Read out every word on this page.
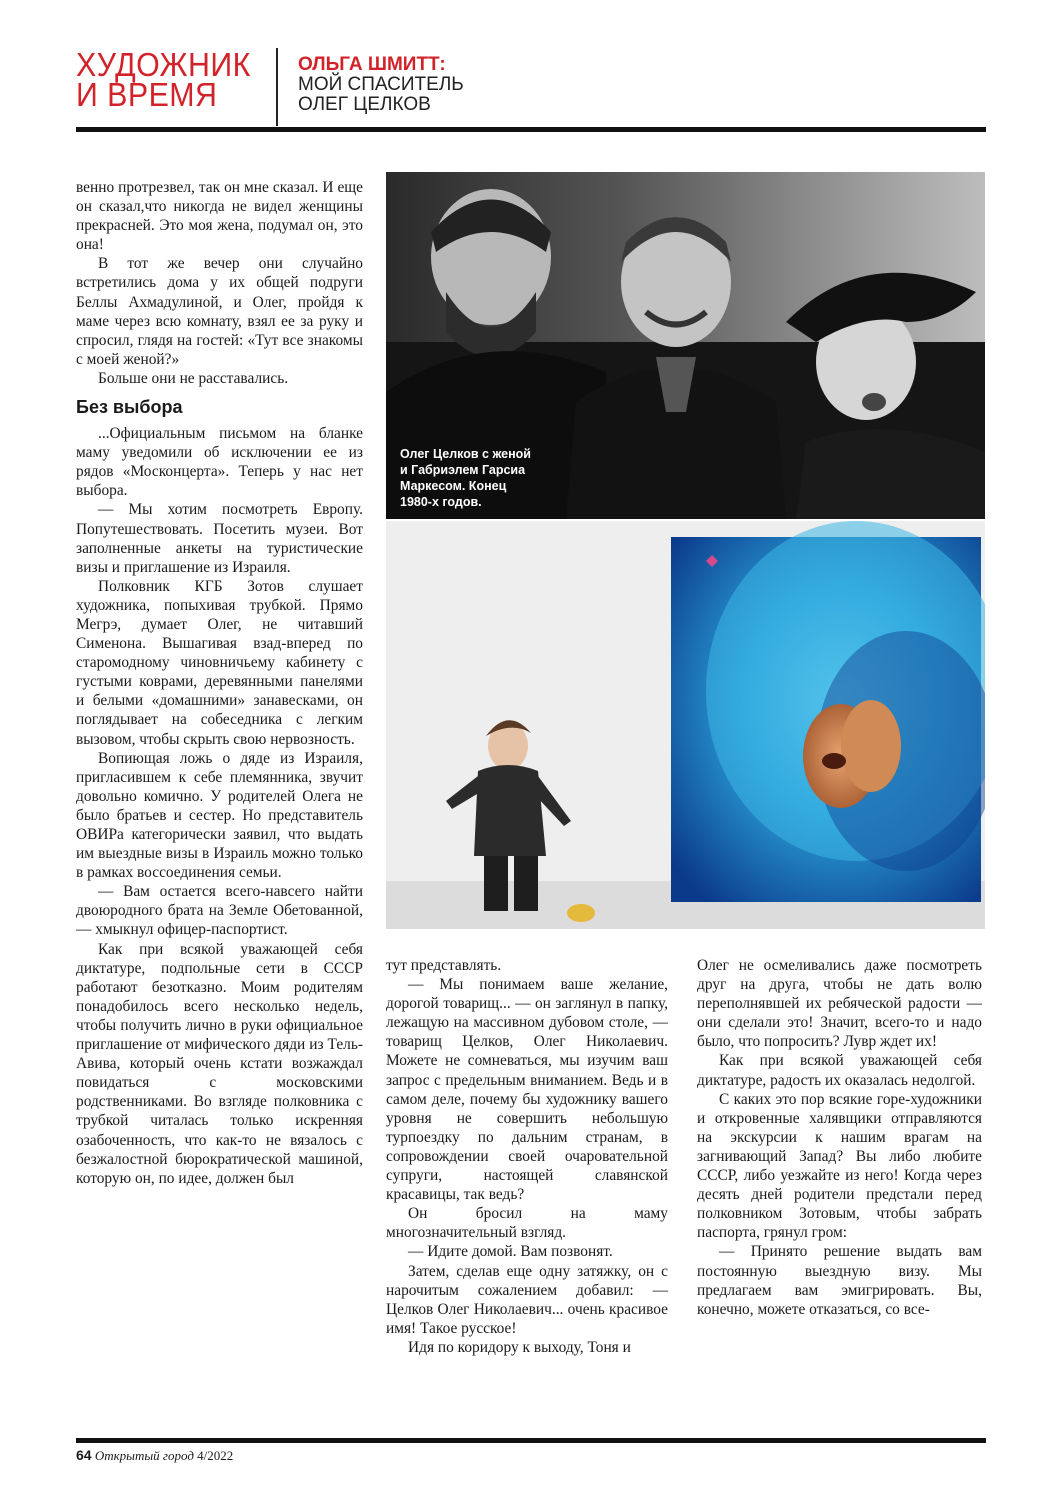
ХУДОЖНИК
И ВРЕМЯ
ОЛЬГА ШМИТТ:
МОЙ СПАСИТЕЛЬ
ОЛЕГ ЦЕЛКОВ

венно протрезвел, так он мне сказал. И еще он сказал,что никогда не видел женщины прекрасней. Это моя жена, подумал он, это она!

В тот же вечер они случайно встретились дома у их общей подруги Беллы Ахмадулиной, и Олег, пройдя к маме через всю комнату, взял ее за руку и спросил, глядя на гостей: «Тут все знакомы с моей женой?»

Больше они не расставались.

Без выбора

...Официальным письмом на бланке маму уведомили об исключении ее из рядов «Москонцерта». Теперь у нас нет выбора.

— Мы хотим посмотреть Европу. Попутешествовать. Посетить музеи. Вот заполненные анкеты на туристические визы и приглашение из Израиля.

Полковник КГБ Зотов слушает художника, попыхивая трубкой. Прямо Мегрэ, думает Олег, не читавший Сименона. Вышагивая взад-вперед по старомодному чиновничьему кабинету с густыми коврами, деревянными панелями и белыми «домашними» занавесками, он поглядывает на собеседника с легким вызовом, чтобы скрыть свою нервозность.

Вопиющая ложь о дяде из Израиля, пригласившем к себе племянника, звучит довольно комично. У родителей Олега не было братьев и сестер. Но представитель ОВИРа категорически заявил, что выдать им выездные визы в Израиль можно только в рамках воссоединения семьи.

— Вам остается всего-навсего найти двоюродного брата на Земле Обетованной, — хмыкнул офицер-паспортист.

Как при всякой уважающей себя диктатуре, подпольные сети в СССР работают безотказно. Моим родителям понадобилось всего несколько недель, чтобы получить лично в руки официальное приглашение от мифического дяди из Тель-Авива, который очень кстати возжаждал повидаться с московскими родственниками. Во взгляде полковника с трубкой читалась только искренняя озабоченность, что как-то не вязалось с безжалостной бюрократической машиной, которую он, по идее, должен был

Олег Целков с женой
и Габриэлем Гарсиа
Маркесом. Конец
1980-х годов.

тут представлять.

— Мы понимаем ваше желание, дорогой товарищ... — он заглянул в папку, лежащую на массивном дубовом столе, — товарищ Целков, Олег Николаевич. Можете не сомневаться, мы изучим ваш запрос с предельным вниманием. Ведь и в самом деле, почему бы художнику вашего уровня не совершить небольшую турпоездку по дальним странам, в сопровождении своей очаровательной супруги, настоящей славянской красавицы, так ведь?

Он бросил на маму многозначительный взгляд.

— Идите домой. Вам позвонят.

Затем, сделав еще одну затяжку, он с нарочитым сожалением добавил: — Целков Олег Николаевич... очень красивое имя! Такое русское!

Идя по коридору к выходу, Тоня и

Олег не осмеливались даже посмотреть друг на друга, чтобы не дать волю переполнявшей их ребяческой радости — они сделали это! Значит, всего-то и надо было, что попросить? Лувр ждет их!

Как при всякой уважающей себя диктатуре, радость их оказалась недолгой.

С каких это пор всякие горе-художники и откровенные халявщики отправляются на экскурсии к нашим врагам на загнивающий Запад? Вы либо любите СССР, либо уезжайте из него! Когда через десять дней родители предстали перед полковником Зотовым, чтобы забрать паспорта, грянул гром:

— Принято решение выдать вам постоянную выездную визу. Мы предлагаем вам эмигрировать. Вы, конечно, можете отказаться, со все-

64 Открытый город 4/2022
